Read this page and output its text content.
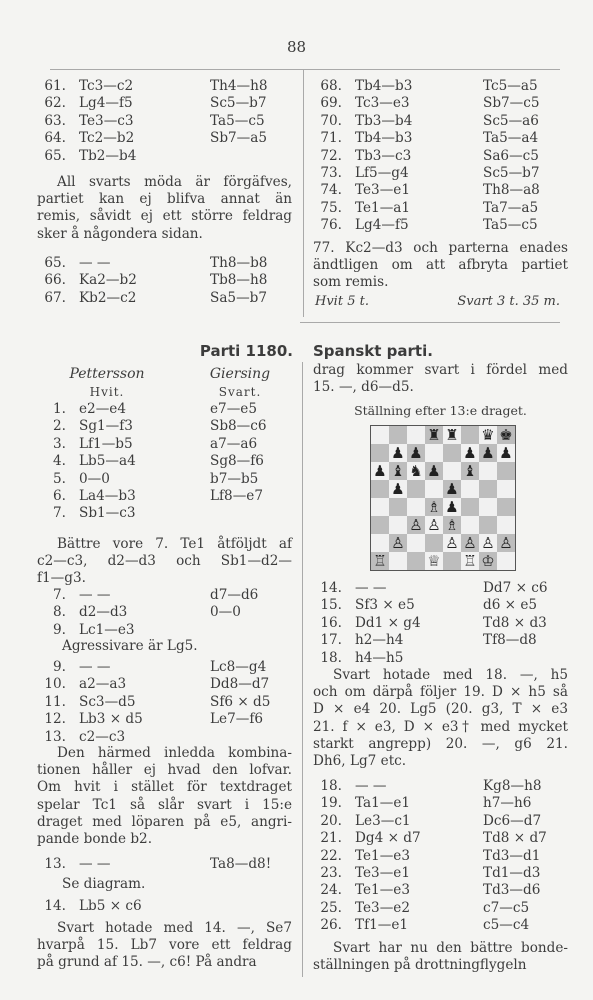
88
61. Tc3—c2	Th4—h8
62. Lg4—f5	Sc5—b7
63. Te3—c3	Ta5—c5
64. Tc2—b2	Sb7—a5
65. Tb2—b4
All svarts möda är förgäfves,
partiet kan ej blifva annat än
remis, såvidt ej ett större feldrag
sker å någondera sidan.
65. — —	Th8—b8
66. Ka2—b2	Tb8—h8
67. Kb2—c2	Sa5—b7
68. Tb4—b3	Tc5—a5
69. Tc3—e3	Sb7—c5
70. Tb3—b4	Sc5—a6
71. Tb4—b3	Ta5—a4
72. Tb3—c3	Sa6—c5
73. Lf5—g4	Sc5—b7
74. Te3—e1	Th8—a8
75. Te1—a1	Ta7—a5
76. Lg4—f5	Ta5—c5
77. Kc2—d3 och parterna enades
ändtligen om att afbryta partiet
som remis.
Hvit 5 t.	Svart 3 t. 35 m.
Parti 1180. Spanskt parti.
Pettersson	Giersing
Hvit.	Svart.
1. e2—e4	e7—e5
2. Sg1—f3	Sb8—c6
3. Lf1—b5	a7—a6
4. Lb5—a4	Sg8—f6
5. 0—0	b7—b5
6. La4—b3	Lf8—e7
7. Sb1—c3
Bättre vore 7. Te1 åtföljdt af
c2—c3, d2—d3 och Sb1—d2—
f1—g3.
7. — —	d7—d6
8. d2—d3	0—0
9. Lc1—e3
Agressivare är Lg5.
9. — —	Lc8—g4
10. a2—a3	Dd8—d7
11. Sc3—d5	Sf6 × d5
12. Lb3 × d5	Le7—f6
13. c2—c3
Den härmed inledda kombina-
tionen håller ej hvad den lofvar.
Om hvit i stället för textdraget
spelar Tc1 så slår svart i 15:e
draget med löparen på e5, angri-
pande bonde b2.
13. — —	Ta8—d8!
Se diagram.
14. Lb5 × c6
Svart hotade med 14. —, Se7
hvarpå 15. Lb7 vore ett feldrag
på grund af 15. —, c6! På andra
drag kommer svart i fördel med
15. —, d6—d5.
Ställning efter 13:e draget.
♜ ♜ ♛ ♚
♟ ♟	♟ ♟ ♟
♟ ♝ ♞ ♟ ♝
♟	♟
♗ ♟
♙ ♙ ♗
♙	♙ ♙ ♙ ♙
♖	♕ ♖ ♔
14. — —	Dd7 × c6
15. Sf3 × e5	d6 × e5
16. Dd1 × g4	Td8 × d3
17. h2—h4	Tf8—d8
18. h4—h5
Svart hotade med 18. —, h5
och om därpå följer 19. D × h5 så
D × e4 20. Lg5 (20. g3, T × e3
21. f × e3, D × e3† med mycket
starkt angrepp) 20. —, g6 21.
Dh6, Lg7 etc.
18. — —	Kg8—h8
19. Ta1—e1	h7—h6
20. Le3—c1	Dc6—d7
21. Dg4 × d7	Td8 × d7
22. Te1—e3	Td3—d1
23. Te3—e1	Td1—d3
24. Te1—e3	Td3—d6
25. Te3—e2	c7—c5
26. Tf1—e1	c5—c4
Svart har nu den bättre bonde-
ställningen på drottningflygeln
